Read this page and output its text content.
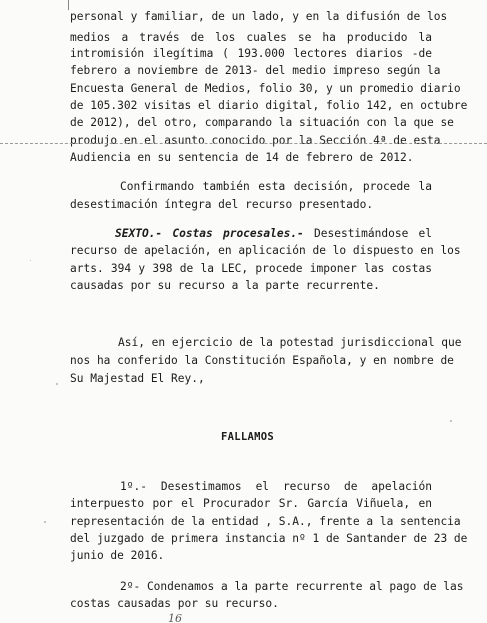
personal y familiar, de un lado, y en la difusión de los
medios a través de los cuales se ha producido la
intromisión ilegítima ( 193.000 lectores diarios -de
febrero a noviembre de 2013- del medio impreso según la
Encuesta General de Medios, folio 30, y un promedio diario
de 105.302 visitas el diario digital, folio 142, en octubre
de 2012), del otro, comparando la situación con la que se
produjo en el asunto conocido por la Sección 4ª de esta
Audiencia en su sentencia de 14 de febrero de 2012.
Confirmando también esta decisión, procede la
desestimación íntegra del recurso presentado.
SEXTO.- Costas procesales.- Desestimándose el
recurso de apelación, en aplicación de lo dispuesto en los
arts. 394 y 398 de la LEC, procede imponer las costas
causadas por su recurso a la parte recurrente.
Así, en ejercicio de la potestad jurisdiccional que
nos ha conferido la Constitución Española, y en nombre de
Su Majestad El Rey.,
FALLAMOS
1º.- Desestimamos el recurso de apelación
interpuesto por el Procurador Sr. García Viñuela, en
representación de la entidad , S.A., frente a la sentencia
del juzgado de primera instancia nº 1 de Santander de 23 de
junio de 2016.
2º- Condenamos a la parte recurrente al pago de las
costas causadas por su recurso.
16
